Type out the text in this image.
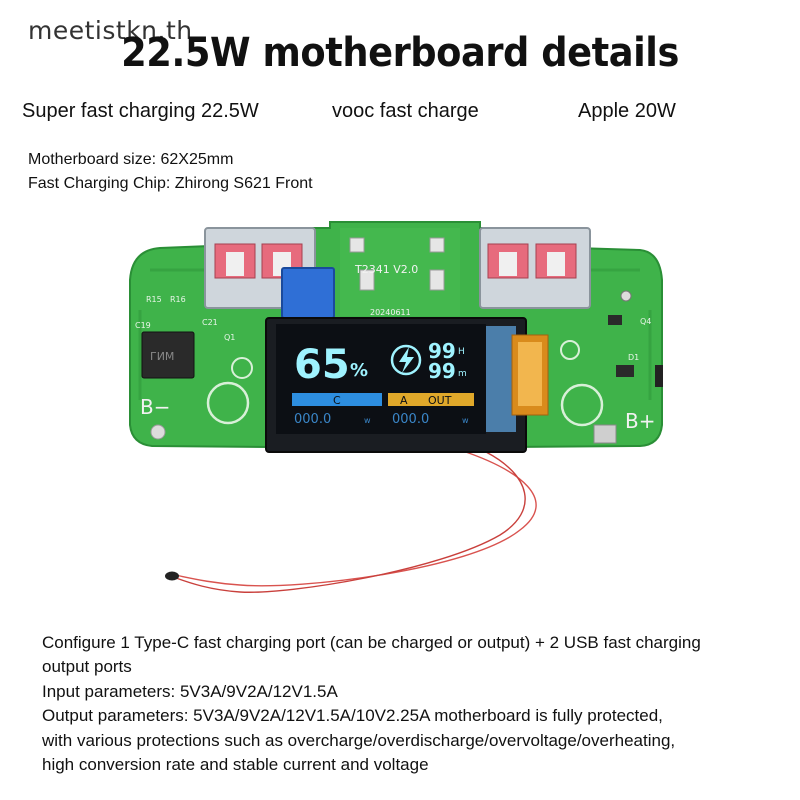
meetistkn.th
22.5W motherboard details
Super fast charging 22.5W	vooc fast charge	Apple 20W
Motherboard size: 62X25mm
Fast Charging Chip: Zhirong S621 Front
T2341 V2.0
20240611
ГИМ
C19	C21
R15 R16
Q1
Q4
D1
B−
B+
65 %
99 H
99 m
C	A OUT
000.0	w 000.0	w
Configure 1 Type-C fast charging port (can be charged or output) + 2 USB fast charging
output ports
Input parameters: 5V3A/9V2A/12V1.5A
Output parameters: 5V3A/9V2A/12V1.5A/10V2.25A motherboard is fully protected,
with various protections such as overcharge/overdischarge/overvoltage/overheating,
high conversion rate and stable current and voltage
